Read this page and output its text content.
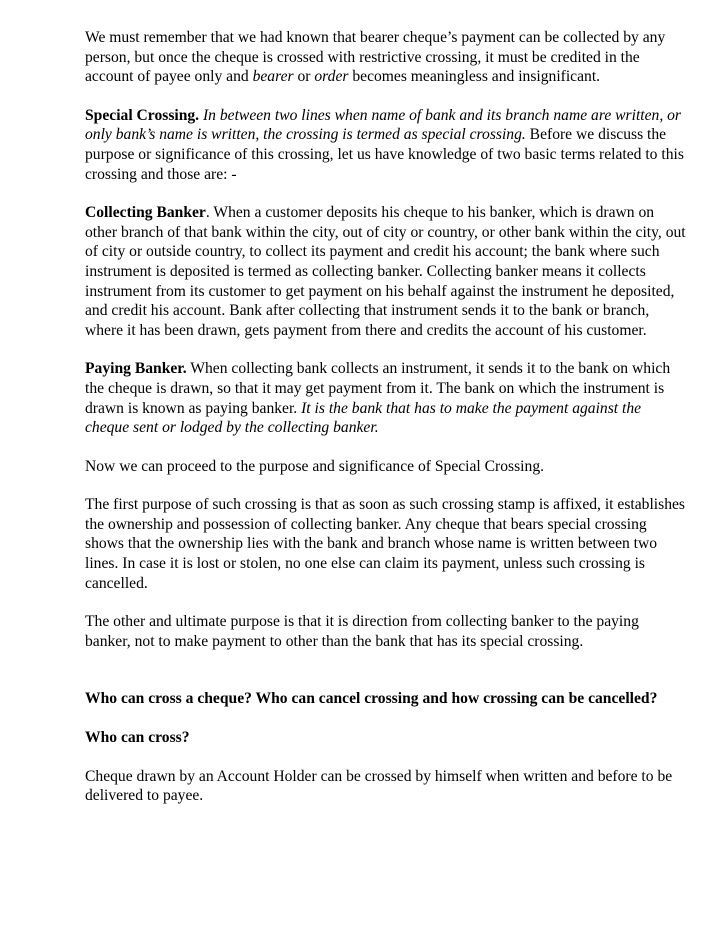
We must remember that we had known that bearer cheque’s payment can be collected by any person, but once the cheque is crossed with restrictive crossing, it must be credited in the account of payee only and bearer or order becomes meaningless and insignificant.

Special Crossing. In between two lines when name of bank and its branch name are written, or only bank’s name is written, the crossing is termed as special crossing. Before we discuss the purpose or significance of this crossing, let us have knowledge of two basic terms related to this crossing and those are: -

Collecting Banker. When a customer deposits his cheque to his banker, which is drawn on other branch of that bank within the city, out of city or country, or other bank within the city, out of city or outside country, to collect its payment and credit his account; the bank where such instrument is deposited is termed as collecting banker. Collecting banker means it collects instrument from its customer to get payment on his behalf against the instrument he deposited, and credit his account. Bank after collecting that instrument sends it to the bank or branch, where it has been drawn, gets payment from there and credits the account of his customer.

Paying Banker. When collecting bank collects an instrument, it sends it to the bank on which the cheque is drawn, so that it may get payment from it. The bank on which the instrument is drawn is known as paying banker. It is the bank that has to make the payment against the cheque sent or lodged by the collecting banker.

Now we can proceed to the purpose and significance of Special Crossing.

The first purpose of such crossing is that as soon as such crossing stamp is affixed, it establishes the ownership and possession of collecting banker. Any cheque that bears special crossing shows that the ownership lies with the bank and branch whose name is written between two lines. In case it is lost or stolen, no one else can claim its payment, unless such crossing is cancelled.

The other and ultimate purpose is that it is direction from collecting banker to the paying banker, not to make payment to other than the bank that has its special crossing.

Who can cross a cheque? Who can cancel crossing and how crossing can be cancelled?

Who can cross?

Cheque drawn by an Account Holder can be crossed by himself when written and before to be delivered to payee.
